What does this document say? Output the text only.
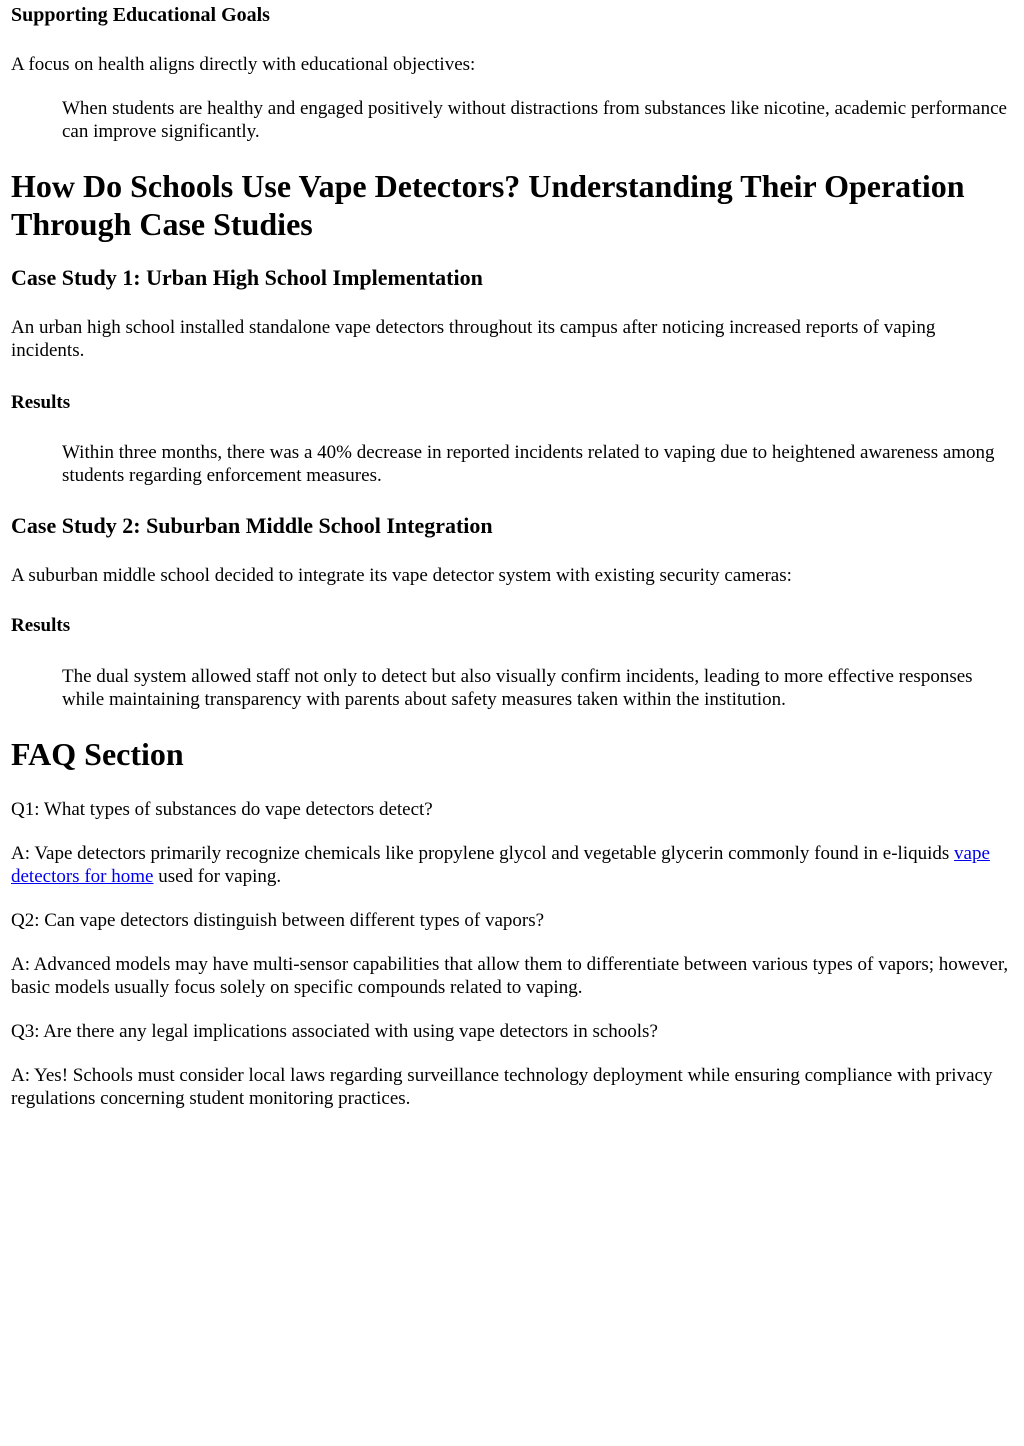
Supporting Educational Goals

A focus on health aligns directly with educational objectives:

When students are healthy and engaged positively without distractions from substances like nicotine, academic performance can improve significantly.
How Do Schools Use Vape Detectors? Understanding Their Operation Through Case Studies
Case Study 1: Urban High School Implementation

An urban high school installed standalone vape detectors throughout its campus after noticing increased reports of vaping incidents.

Results

Within three months, there was a 40% decrease in reported incidents related to vaping due to heightened awareness among students regarding enforcement measures.
Case Study 2: Suburban Middle School Integration

A suburban middle school decided to integrate its vape detector system with existing security cameras:

Results

The dual system allowed staff not only to detect but also visually confirm incidents, leading to more effective responses while maintaining transparency with parents about safety measures taken within the institution.
FAQ Section

Q1: What types of substances do vape detectors detect?

A: Vape detectors primarily recognize chemicals like propylene glycol and vegetable glycerin commonly found in e-liquids vape detectors for home used for vaping.

Q2: Can vape detectors distinguish between different types of vapors?

A: Advanced models may have multi-sensor capabilities that allow them to differentiate between various types of vapors; however, basic models usually focus solely on specific compounds related to vaping.

Q3: Are there any legal implications associated with using vape detectors in schools?

A: Yes! Schools must consider local laws regarding surveillance technology deployment while ensuring compliance with privacy regulations concerning student monitoring practices.
